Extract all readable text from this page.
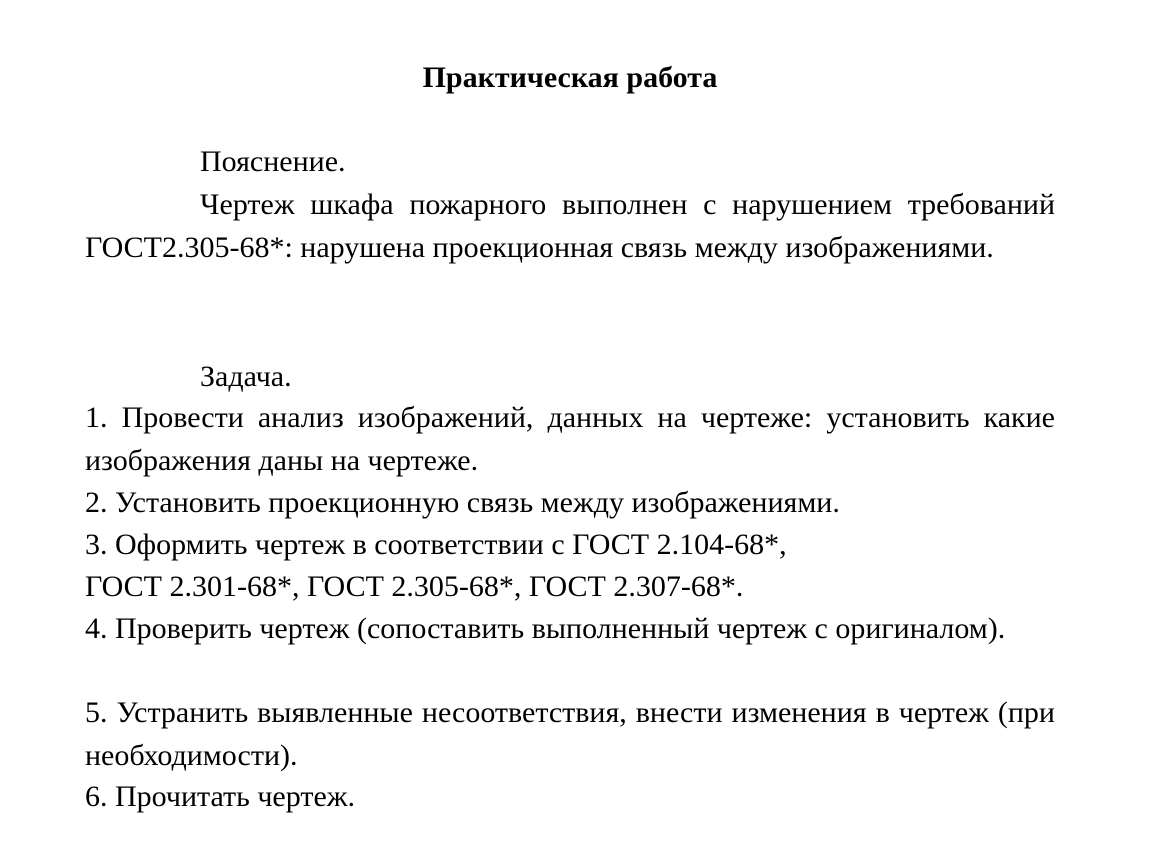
Практическая работа
Пояснение.

Чертеж шкафа пожарного выполнен с нарушением требований ГОСТ2.305-68*: нарушена проекционная связь между изображениями.

Задача.

1. Провести анализ изображений, данных на чертеже: установить какие изображения даны на чертеже.

2. Установить проекционную связь между изображениями.

3. Оформить чертеж в соответствии с ГОСТ 2.104-68*,

ГОСТ 2.301-68*, ГОСТ 2.305-68*, ГОСТ 2.307-68*.

4. Проверить чертеж (сопоставить выполненный чертеж с оригиналом).

5. Устранить выявленные несоответствия, внести изменения в чертеж (при необходимости).

6. Прочитать чертеж.
